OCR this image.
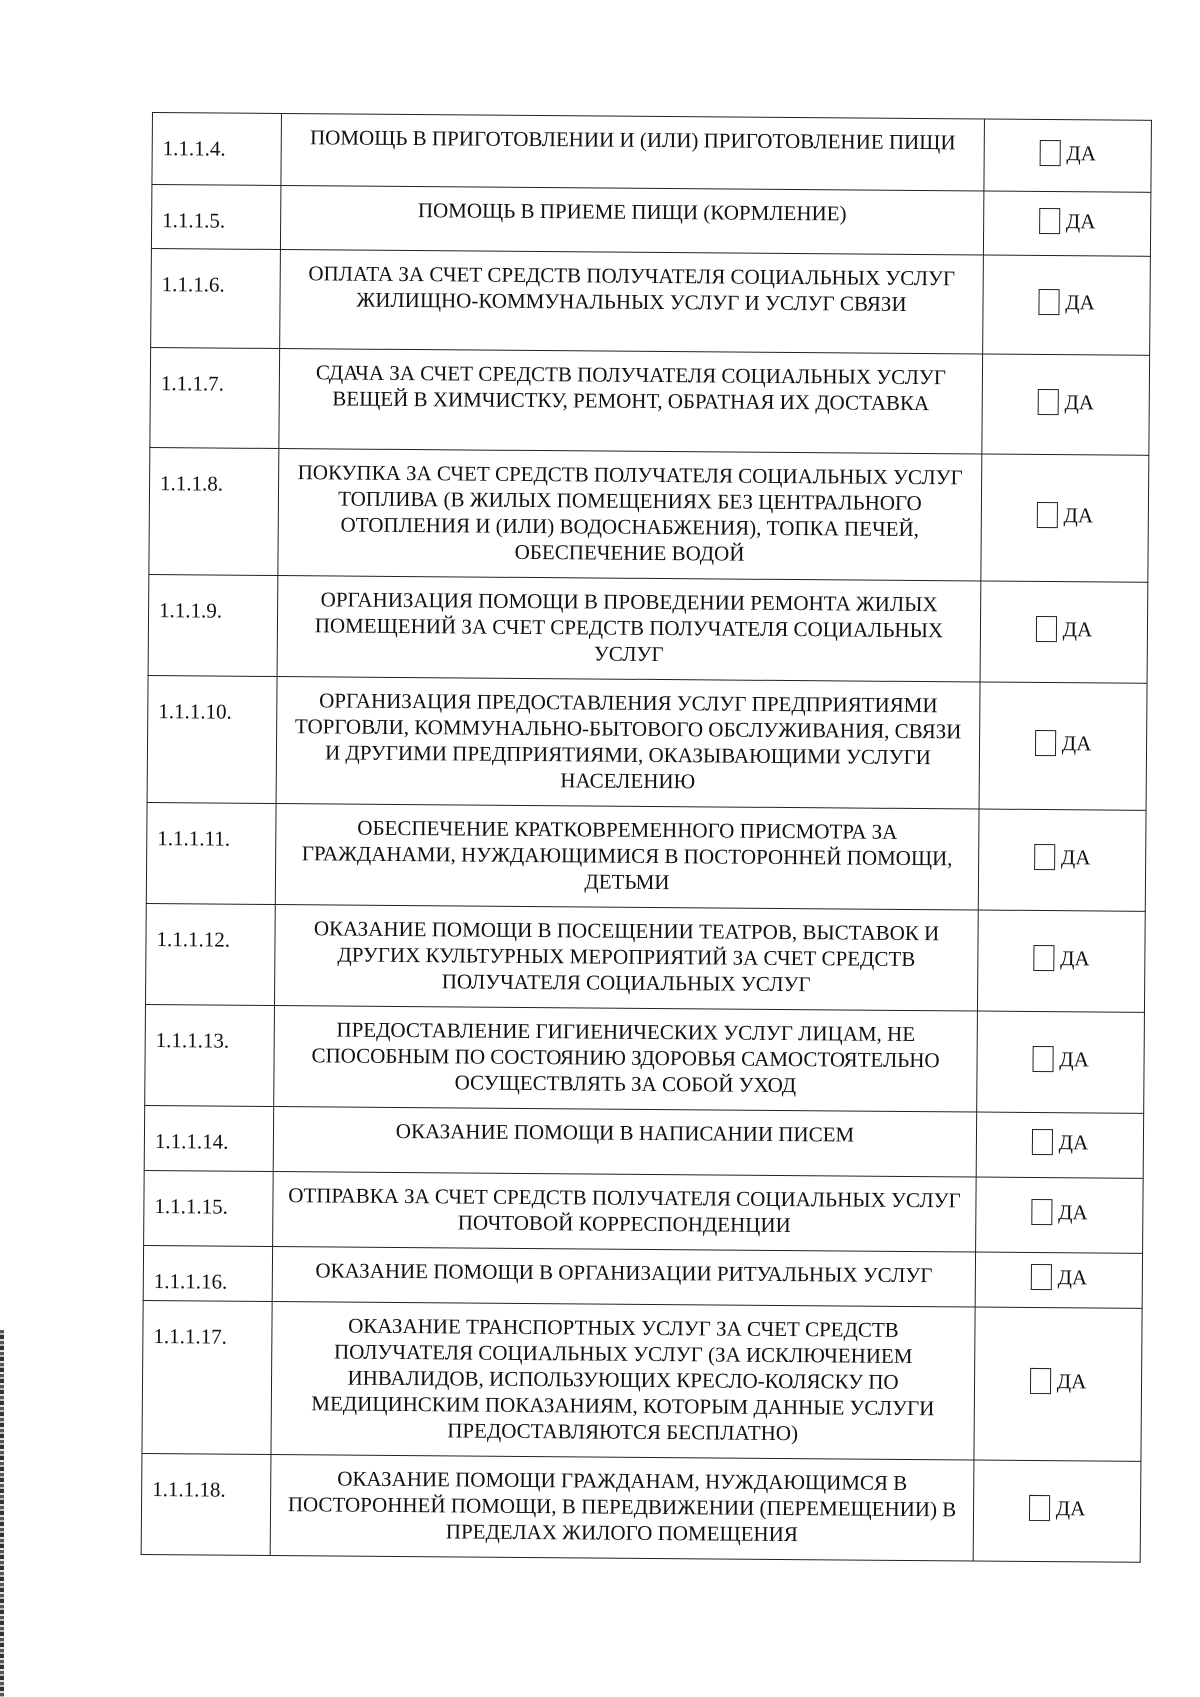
1.1.1.4.	ПОМОЩЬ В ПРИГОТОВЛЕНИИ И (ИЛИ) ПРИГОТОВЛЕНИЕ ПИЩИ	ДА

1.1.1.5.	ПОМОЩЬ В ПРИЕМЕ ПИЩИ (КОРМЛЕНИЕ)	ДА

1.1.1.6.	ОПЛАТА ЗА СЧЕТ СРЕДСТВ ПОЛУЧАТЕЛЯ СОЦИАЛЬНЫХ УСЛУГ ЖИЛИЩНО-КОММУНАЛЬНЫХ УСЛУГ И УСЛУГ СВЯЗИ	ДА

1.1.1.7.	СДАЧА ЗА СЧЕТ СРЕДСТВ ПОЛУЧАТЕЛЯ СОЦИАЛЬНЫХ УСЛУГ ВЕЩЕЙ В ХИМЧИСТКУ, РЕМОНТ, ОБРАТНАЯ ИХ ДОСТАВКА	ДА

1.1.1.8.	ПОКУПКА ЗА СЧЕТ СРЕДСТВ ПОЛУЧАТЕЛЯ СОЦИАЛЬНЫХ УСЛУГ ТОПЛИВА (В ЖИЛЫХ ПОМЕЩЕНИЯХ БЕЗ ЦЕНТРАЛЬНОГО ОТОПЛЕНИЯ И (ИЛИ) ВОДОСНАБЖЕНИЯ), ТОПКА ПЕЧЕЙ, ОБЕСПЕЧЕНИЕ ВОДОЙ	ДА

1.1.1.9.	ОРГАНИЗАЦИЯ ПОМОЩИ В ПРОВЕДЕНИИ РЕМОНТА ЖИЛЫХ ПОМЕЩЕНИЙ ЗА СЧЕТ СРЕДСТВ ПОЛУЧАТЕЛЯ СОЦИАЛЬНЫХ УСЛУГ	ДА

1.1.1.10.	ОРГАНИЗАЦИЯ ПРЕДОСТАВЛЕНИЯ УСЛУГ ПРЕДПРИЯТИЯМИ ТОРГОВЛИ, КОММУНАЛЬНО-БЫТОВОГО ОБСЛУЖИВАНИЯ, СВЯЗИ И ДРУГИМИ ПРЕДПРИЯТИЯМИ, ОКАЗЫВАЮЩИМИ УСЛУГИ НАСЕЛЕНИЮ	ДА

1.1.1.11.	ОБЕСПЕЧЕНИЕ КРАТКОВРЕМЕННОГО ПРИСМОТРА ЗА ГРАЖДАНАМИ, НУЖДАЮЩИМИСЯ В ПОСТОРОННЕЙ ПОМОЩИ, ДЕТЬМИ	ДА

1.1.1.12.	ОКАЗАНИЕ ПОМОЩИ В ПОСЕЩЕНИИ ТЕАТРОВ, ВЫСТАВОК И ДРУГИХ КУЛЬТУРНЫХ МЕРОПРИЯТИЙ ЗА СЧЕТ СРЕДСТВ ПОЛУЧАТЕЛЯ СОЦИАЛЬНЫХ УСЛУГ	ДА

1.1.1.13.	ПРЕДОСТАВЛЕНИЕ ГИГИЕНИЧЕСКИХ УСЛУГ ЛИЦАМ, НЕ СПОСОБНЫМ ПО СОСТОЯНИЮ ЗДОРОВЬЯ САМОСТОЯТЕЛЬНО ОСУЩЕСТВЛЯТЬ ЗА СОБОЙ УХОД	ДА

1.1.1.14.	ОКАЗАНИЕ ПОМОЩИ В НАПИСАНИИ ПИСЕМ	ДА

1.1.1.15.	ОТПРАВКА ЗА СЧЕТ СРЕДСТВ ПОЛУЧАТЕЛЯ СОЦИАЛЬНЫХ УСЛУГ ПОЧТОВОЙ КОРРЕСПОНДЕНЦИИ	ДА

1.1.1.16.	ОКАЗАНИЕ ПОМОЩИ В ОРГАНИЗАЦИИ РИТУАЛЬНЫХ УСЛУГ	ДА

1.1.1.17.	ОКАЗАНИЕ ТРАНСПОРТНЫХ УСЛУГ ЗА СЧЕТ СРЕДСТВ ПОЛУЧАТЕЛЯ СОЦИАЛЬНЫХ УСЛУГ (ЗА ИСКЛЮЧЕНИЕМ ИНВАЛИДОВ, ИСПОЛЬЗУЮЩИХ КРЕСЛО-КОЛЯСКУ ПО МЕДИЦИНСКИМ ПОКАЗАНИЯМ, КОТОРЫМ ДАННЫЕ УСЛУГИ ПРЕДОСТАВЛЯЮТСЯ БЕСПЛАТНО)	ДА

1.1.1.18.	ОКАЗАНИЕ ПОМОЩИ ГРАЖДАНАМ, НУЖДАЮЩИМСЯ В ПОСТОРОННЕЙ ПОМОЩИ, В ПЕРЕДВИЖЕНИИ (ПЕРЕМЕЩЕНИИ) В ПРЕДЕЛАХ ЖИЛОГО ПОМЕЩЕНИЯ	ДА
